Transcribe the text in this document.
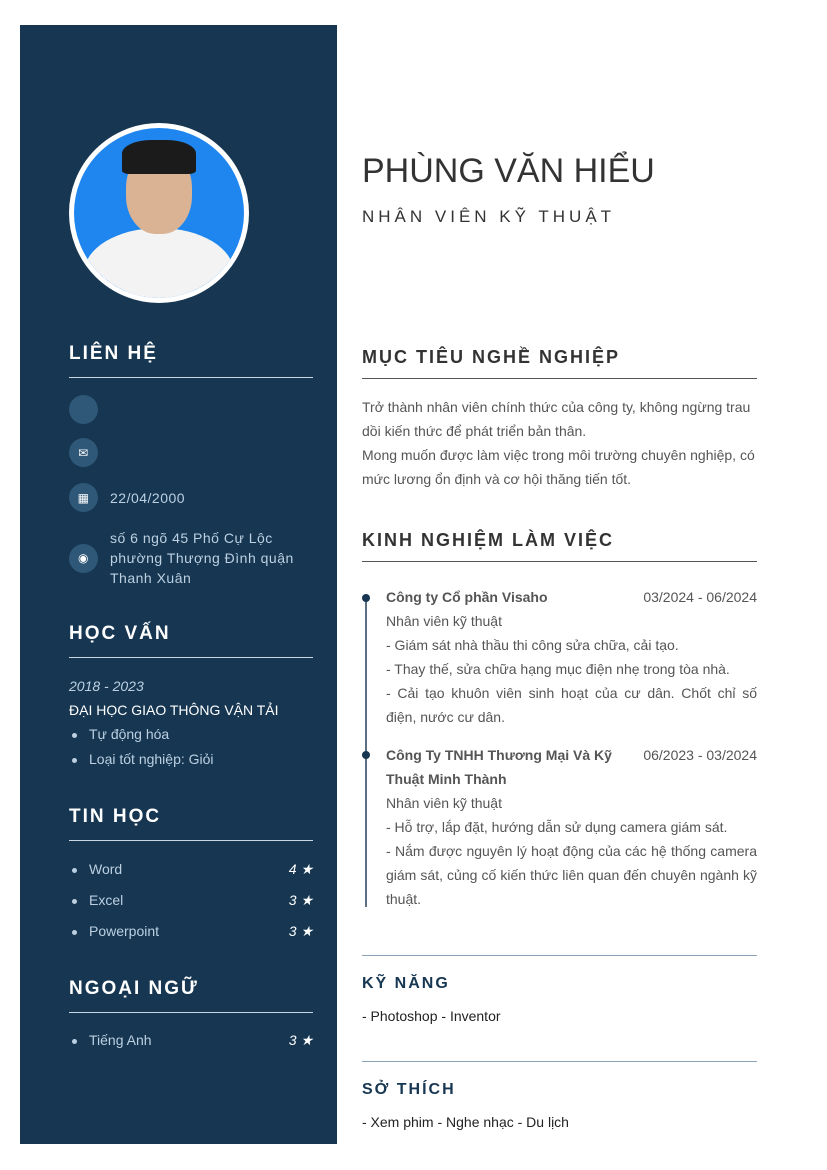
LIÊN HỆ
✉
▦	22/04/2000
◉
số 6 ngõ 45 Phố Cự Lộc phường Thượng Đình quận Thanh Xuân
HỌC VẤN
2018 - 2023
ĐẠI HỌC GIAO THÔNG VẬN TẢI
Tự động hóa
Loại tốt nghiệp: Giỏi
TIN HỌC
Word	4 ★
Excel	3 ★
Powerpoint	3 ★
NGOẠI NGỮ
Tiếng Anh	3 ★
PHÙNG VĂN HIỂU
NHÂN VIÊN KỸ THUẬT
MỤC TIÊU NGHỀ NGHIỆP
Trở thành nhân viên chính thức của công ty, không ngừng trau dồi kiến thức để phát triển bản thân.
Mong muốn được làm việc trong môi trường chuyên nghiệp, có mức lương ổn định và cơ hội thăng tiến tốt.
KINH NGHIỆM LÀM VIỆC
Công ty Cổ phần Visaho	03/2024 - 06/2024
Nhân viên kỹ thuật
- Giám sát nhà thầu thi công sửa chữa, cải tạo.
- Thay thế, sửa chữa hạng mục điện nhẹ trong tòa nhà.
- Cải tạo khuôn viên sinh hoạt của cư dân. Chốt chỉ số điện, nước cư dân.
Công Ty TNHH Thương Mại Và Kỹ Thuật Minh Thành
06/2023 - 03/2024
Nhân viên kỹ thuật
- Hỗ trợ, lắp đặt, hướng dẫn sử dụng camera giám sát.
- Nắm được nguyên lý hoạt động của các hệ thống camera giám sát, củng cố kiến thức liên quan đến chuyên ngành kỹ thuật.
KỸ NĂNG
- Photoshop - Inventor
SỞ THÍCH
- Xem phim - Nghe nhạc - Du lịch
